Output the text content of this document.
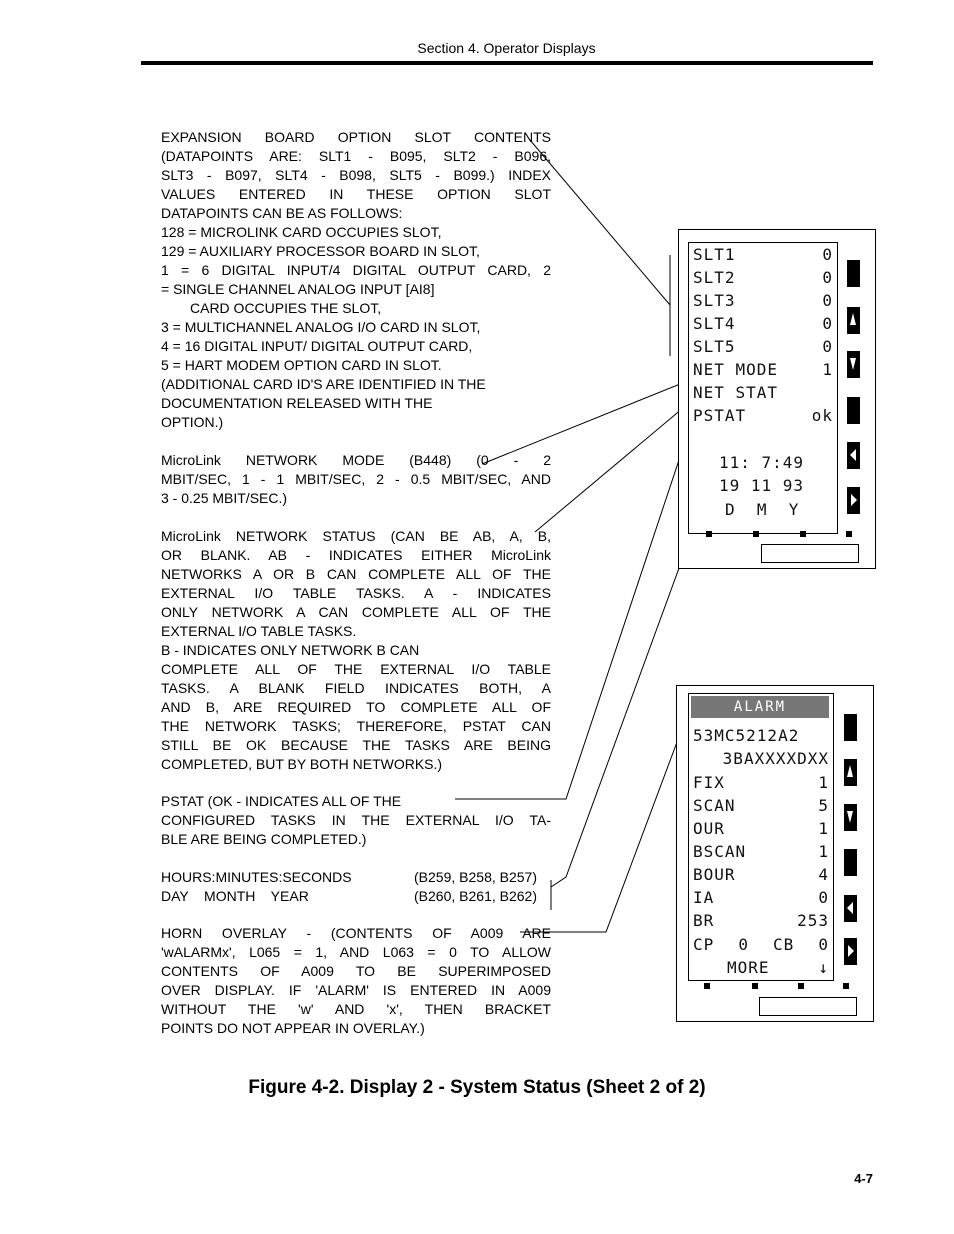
Section 4. Operator Displays
EXPANSION BOARD OPTION SLOT CONTENTS
(DATAPOINTS ARE: SLT1 - B095, SLT2 - B096,
SLT3 - B097, SLT4 - B098, SLT5 - B099.) INDEX
VALUES ENTERED IN THESE OPTION SLOT
DATAPOINTS CAN BE AS FOLLOWS:
128 = MICROLINK CARD OCCUPIES SLOT,
129 = AUXILIARY PROCESSOR BOARD IN SLOT,
1 = 6 DIGITAL INPUT/4 DIGITAL OUTPUT CARD, 2
= SINGLE CHANNEL ANALOG INPUT [AI8]
CARD OCCUPIES THE SLOT,
3 = MULTICHANNEL ANALOG I/O CARD IN SLOT,
4 = 16 DIGITAL INPUT/ DIGITAL OUTPUT CARD,
5 = HART MODEM OPTION CARD IN SLOT.
(ADDITIONAL CARD ID'S ARE IDENTIFIED IN THE
DOCUMENTATION RELEASED WITH THE
OPTION.)
MicroLink NETWORK MODE (B448) (0 - 2
MBIT/SEC, 1 - 1 MBIT/SEC, 2 - 0.5 MBIT/SEC, AND
3 - 0.25 MBIT/SEC.)
MicroLink NETWORK STATUS (CAN BE AB, A, B,
OR BLANK. AB - INDICATES EITHER MicroLink
NETWORKS A OR B CAN COMPLETE ALL OF THE
EXTERNAL I/O TABLE TASKS. A - INDICATES
ONLY NETWORK A CAN COMPLETE ALL OF THE
EXTERNAL I/O TABLE TASKS.
B - INDICATES ONLY NETWORK B CAN
COMPLETE ALL OF THE EXTERNAL I/O TABLE
TASKS. A BLANK FIELD INDICATES BOTH, A
AND B, ARE REQUIRED TO COMPLETE ALL OF
THE NETWORK TASKS; THEREFORE, PSTAT CAN
STILL BE OK BECAUSE THE TASKS ARE BEING
COMPLETED, BUT BY BOTH NETWORKS.)
PSTAT (OK - INDICATES ALL OF THE
CONFIGURED TASKS IN THE EXTERNAL I/O TA-
BLE ARE BEING COMPLETED.)
HOURS:MINUTES:SECONDS	(B259, B258, B257)
DAY    MONTH    YEAR	(B260, B261, B262)
HORN OVERLAY - (CONTENTS OF A009 ARE
'wALARMx', L065 = 1, AND L063 = 0 TO ALLOW
CONTENTS OF A009 TO BE SUPERIMPOSED
OVER DISPLAY. IF 'ALARM' IS ENTERED IN A009
WITHOUT THE 'w' AND 'x', THEN BRACKET
POINTS DO NOT APPEAR IN OVERLAY.)
SLT1	0
SLT2	0
SLT3	0
SLT4	0
SLT5	0
NET MODE	1
NET STAT
PSTAT	ok
11: 7:49
19 11 93
D  M  Y
ALARM
53MC5212A2
3BAXXXXDXX
FIX	1
SCAN	5
OUR	1
BSCAN	1
BOUR	4
IA	0
BR	253
CP 0 CB 0
MORE	↓
Figure 4-2. Display 2 - System Status (Sheet 2 of 2)
4-7
